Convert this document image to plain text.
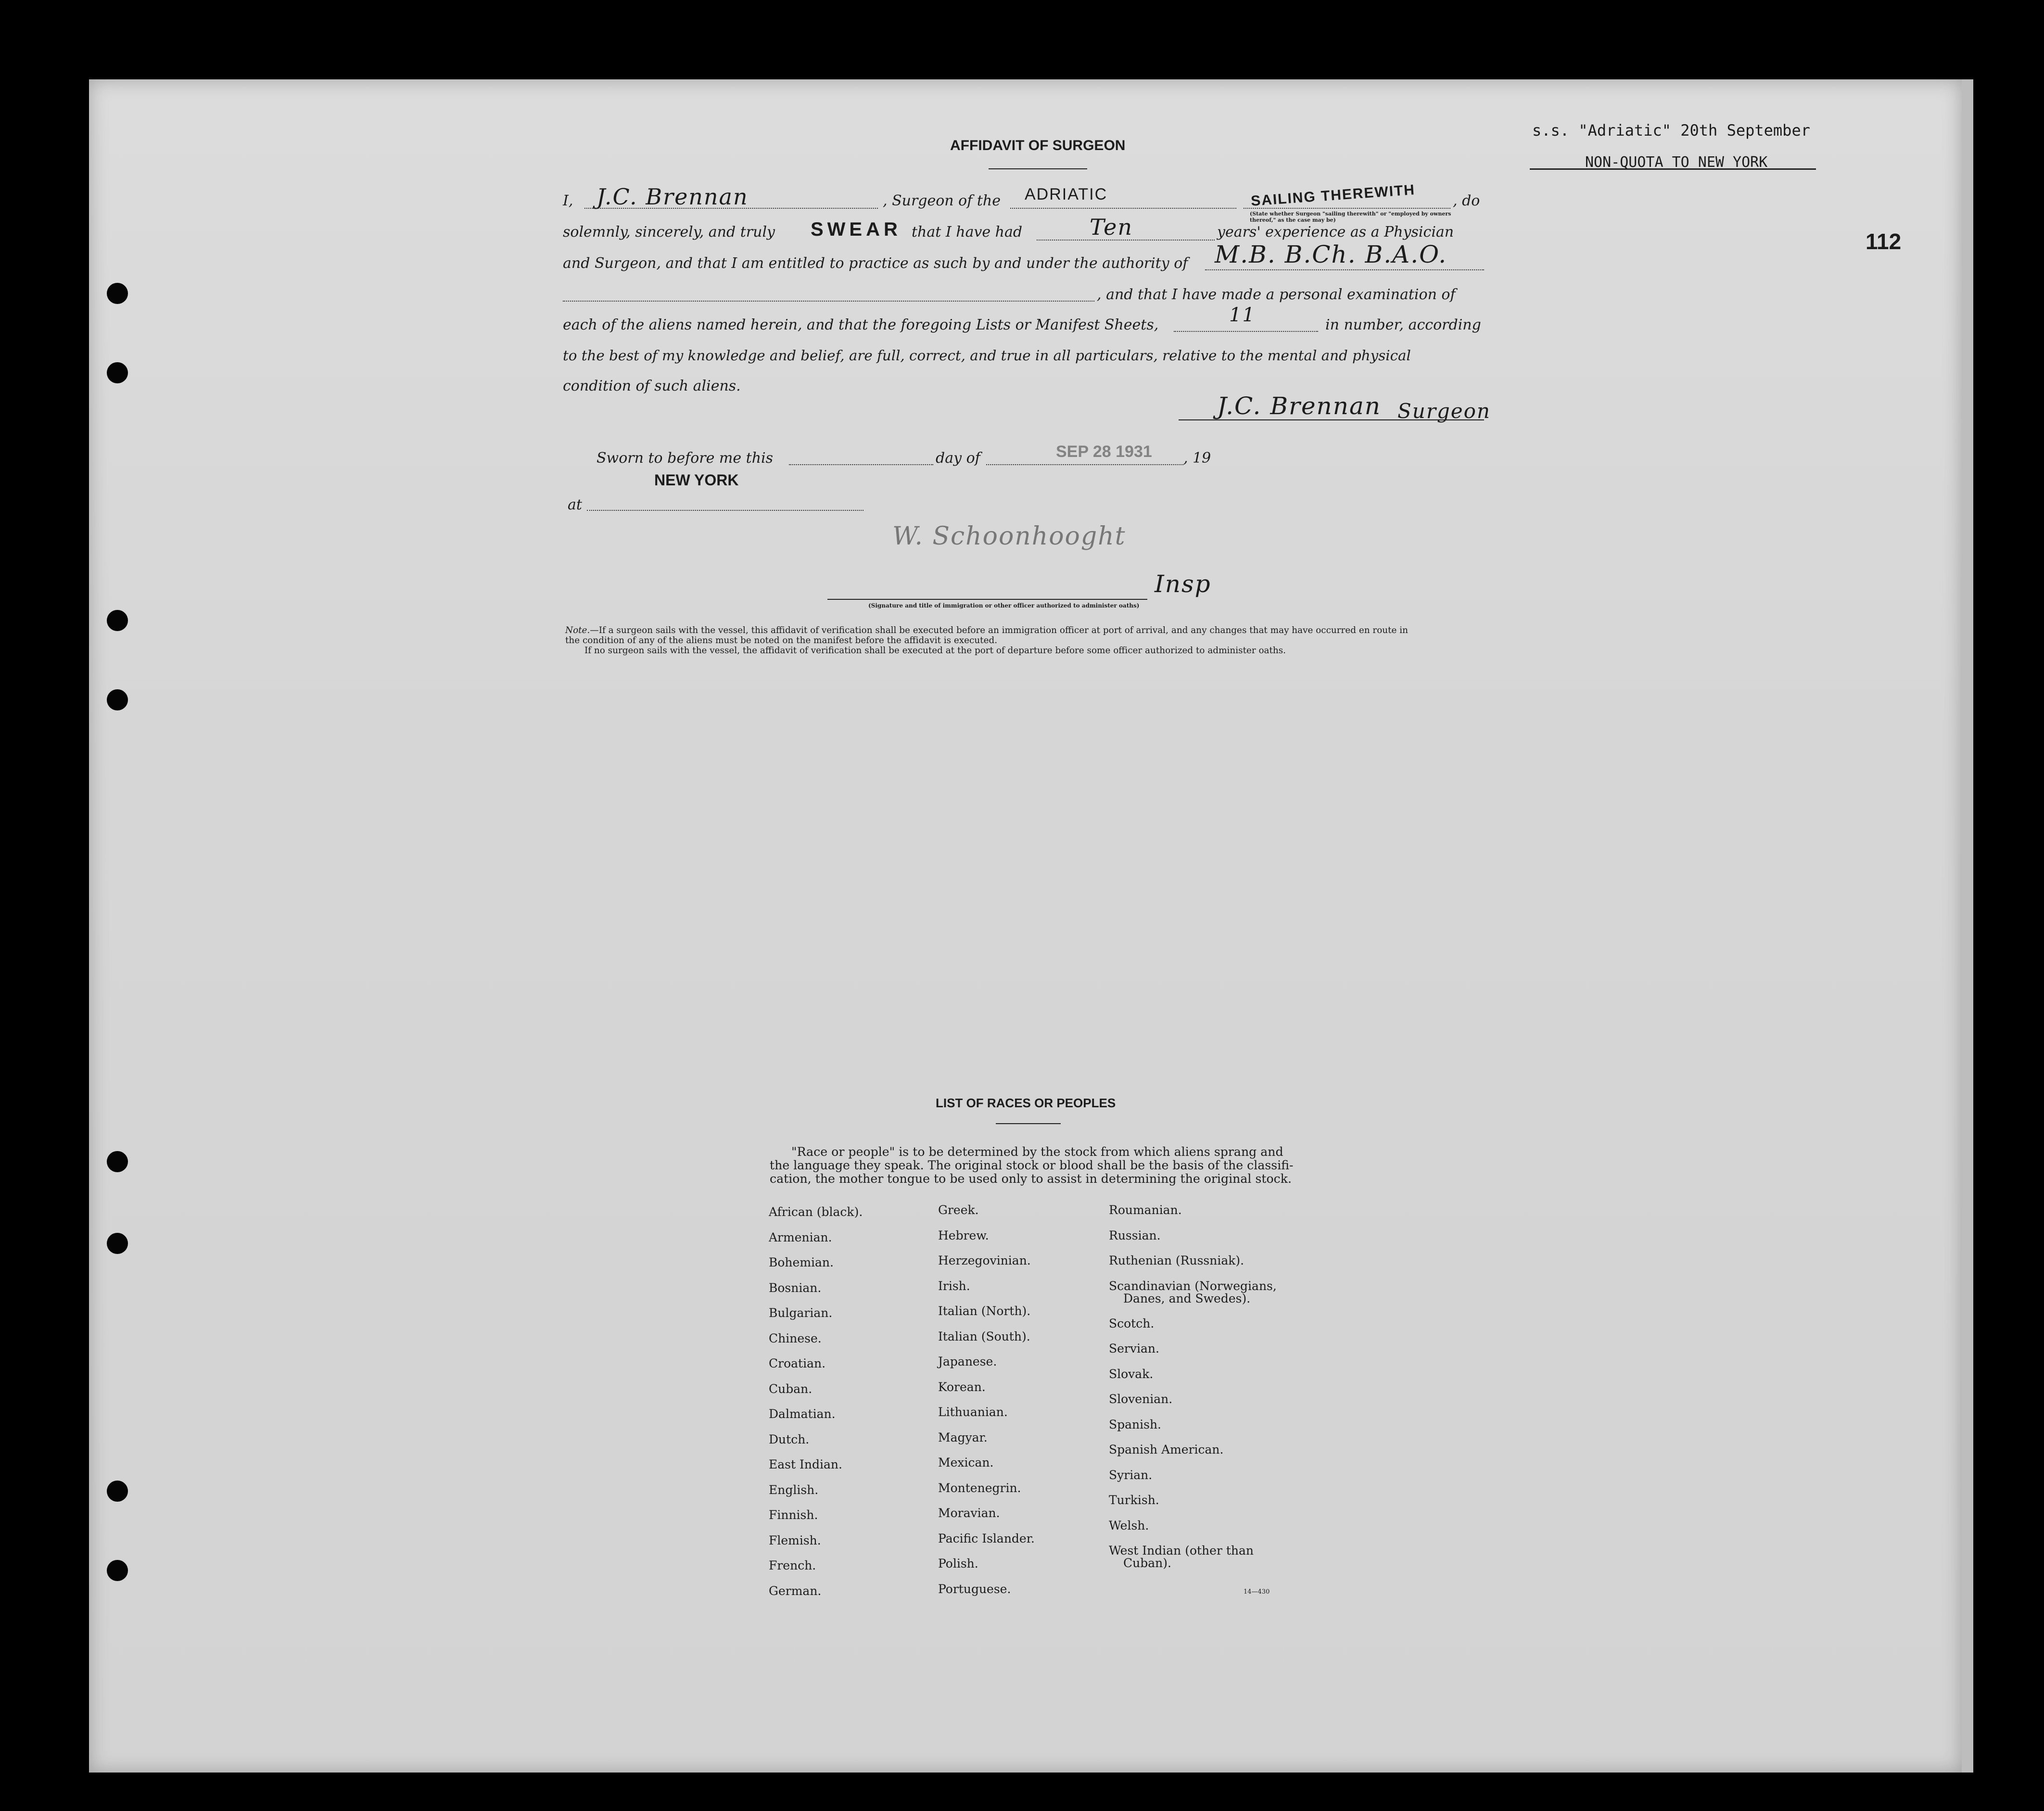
s.s. "Adriatic" 20th September
NON-QUOTA TO NEW YORK
112
AFFIDAVIT OF SURGEON
I, J.C. Brennan	, Surgeon of the ADRIATIC	SAILING THEREWITH	, do
(State whether Surgeon "sailing therewith" or "employed by owners thereof," as the case may be)
solemnly, sincerely, and truly SWEAR that I have had	Ten	years' experience as a Physician
and Surgeon, and that I am entitled to practice as such by and under the authority of M.B. B.Ch. B.A.O.
, and that I have made a personal examination of
each of the aliens named herein, and that the foregoing Lists or Manifest Sheets,	11	in number, according
to the best of my knowledge and belief, are full, correct, and true in all particulars, relative to the mental and physical
condition of such aliens.
J.C. Brennan Surgeon
Sworn to before me this	day of	SEP 28 1931 , 19
NEW YORK
at
W. Schoonhooght
Insp
(Signature and title of immigration or other officer authorized to administer oaths)
Note.—If a surgeon sails with the vessel, this affidavit of verification shall be executed before an immigration officer at port of arrival, and any changes that may have occurred en route in
the condition of any of the aliens must be noted on the manifest before the affidavit is executed.
If no surgeon sails with the vessel, the affidavit of verification shall be executed at the port of departure before some officer authorized to administer oaths.
LIST OF RACES OR PEOPLES
"Race or people" is to be determined by the stock from which aliens sprang and
the language they speak. The original stock or blood shall be the basis of the classifi-
cation, the mother tongue to be used only to assist in determining the original stock.
African (black).
Armenian.
Bohemian.
Bosnian.
Bulgarian.
Chinese.
Croatian.
Cuban.
Dalmatian.
Dutch.
East Indian.
English.
Finnish.
Flemish.
French.
German.
Greek.
Hebrew.
Herzegovinian.
Irish.
Italian (North).
Italian (South).
Japanese.
Korean.
Lithuanian.
Magyar.
Mexican.
Montenegrin.
Moravian.
Pacific Islander.
Polish.
Portuguese.
Roumanian.
Russian.
Ruthenian (Russniak).
Scandinavian (Norwegians,
Danes, and Swedes).
Scotch.
Servian.
Slovak.
Slovenian.
Spanish.
Spanish American.
Syrian.
Turkish.
Welsh.
West Indian (other than
Cuban).
14—430
